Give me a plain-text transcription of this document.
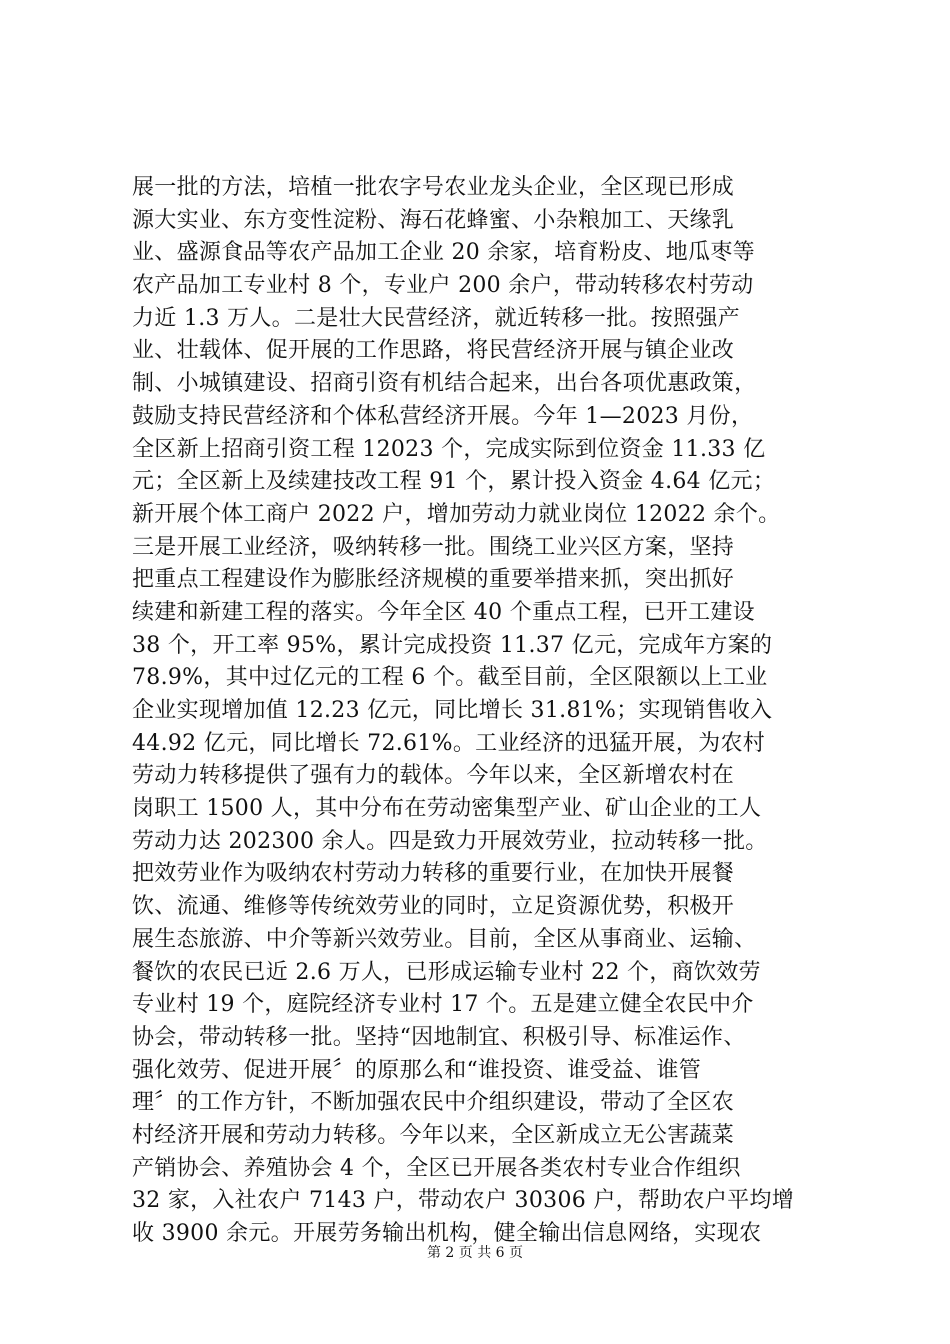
展一批的方法，培植一批农字号农业龙头企业，全区现已形成
源大实业、东方变性淀粉、海石花蜂蜜、小杂粮加工、天缘乳
业、盛源食品等农产品加工企业 20 余家，培育粉皮、地瓜枣等
农产品加工专业村 8 个，专业户 200 余户，带动转移农村劳动
力近 1.3 万人。二是壮大民营经济，就近转移一批。按照强产
业、壮载体、促开展的工作思路，将民营经济开展与镇企业改
制、小城镇建设、招商引资有机结合起来，出台各项优惠政策，
鼓励支持民营经济和个体私营经济开展。今年 1—2023 月份，
全区新上招商引资工程 12023 个，完成实际到位资金 11.33 亿
元；全区新上及续建技改工程 91 个，累计投入资金 4.64 亿元；
新开展个体工商户 2022 户，增加劳动力就业岗位 12022 余个。
三是开展工业经济，吸纳转移一批。围绕工业兴区方案，坚持
把重点工程建设作为膨胀经济规模的重要举措来抓，突出抓好
续建和新建工程的落实。今年全区 40 个重点工程，已开工建设
38 个，开工率 95%，累计完成投资 11.37 亿元，完成年方案的
78.9%，其中过亿元的工程 6 个。截至目前，全区限额以上工业
企业实现增加值 12.23 亿元，同比增长 31.81%；实现销售收入
44.92 亿元，同比增长 72.61%。工业经济的迅猛开展，为农村
劳动力转移提供了强有力的载体。今年以来，全区新增农村在
岗职工 1500 人，其中分布在劳动密集型产业、矿山企业的工人
劳动力达 202300 余人。四是致力开展效劳业，拉动转移一批。
把效劳业作为吸纳农村劳动力转移的重要行业，在加快开展餐
饮、流通、维修等传统效劳业的同时，立足资源优势，积极开
展生态旅游、中介等新兴效劳业。目前，全区从事商业、运输、
餐饮的农民已近 2.6 万人，已形成运输专业村 22 个，商饮效劳
专业村 19 个，庭院经济专业村 17 个。五是建立健全农民中介
协会，带动转移一批。坚持“因地制宜、积极引导、标准运作、
强化效劳、促进开展〞的原那么和“谁投资、谁受益、谁管
理〞的工作方针，不断加强农民中介组织建设，带动了全区农
村经济开展和劳动力转移。今年以来，全区新成立无公害蔬菜
产销协会、养殖协会 4 个，全区已开展各类农村专业合作组织
32 家，入社农户 7143 户，带动农户 30306 户，帮助农户平均增
收 3900 余元。开展劳务输出机构，健全输出信息网络，实现农
第 2 页 共 6 页
